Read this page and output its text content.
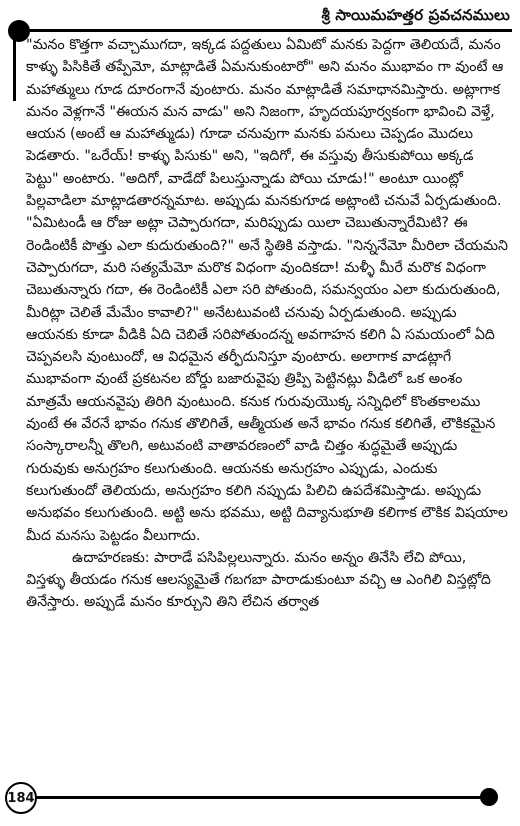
శ్రీ సాయిమహత్తర ప్రవచనములు

"మనం కొత్తగా వచ్చాముగదా, ఇక్కడ పద్దతులు ఏమిటో మనకు పెద్దగా తెలియదే, మనం కాళ్ళు పిసికితే తప్పేమో, మాట్లాడితే ఏమనుకుంటారో" అని మనం ముభావం గా వుంటే ఆ మహాత్ములు గూడ దూరంగానే వుంటారు. మనం మాట్లాడితే సమాధానమిస్తారు. అట్లాగాక మనం వెళ్లగానే "ఈయన మన వాడు" అని నిజంగా, హృదయపూర్వకంగా భావించి వెళ్తే, ఆయన (అంటే ఆ మహాత్ముడు) గూడా చనువుగా మనకు పనులు చెప్పడం మొదలు పెడతారు. "ఒరేయ్! కాళ్ళు పిసుకు" అని, "ఇదిగో, ఈ వస్తువు తీసుకుపోయి అక్కడ పెట్టు" అంటారు. "అదిగో, వాడేదో పిలుస్తున్నాడు పోయి చూడు!" అంటూ యింట్లో పిల్లవాడిలా మాట్లాడతారన్నమాట. అప్పుడు మనకుగూడ అట్లాంటి చనువే ఏర్పడుతుంది. "ఏమిటండీ ఆ రోజు అట్లా చెప్పారుగదా, మరిప్పుడు యిలా చెబుతున్నారేమిటి? ఈ రెండింటికీ పొత్తు ఎలా కుదురుతుంది?" అనే స్థితికి వస్తాడు. "నిన్ననేమో మీరిలా చేయమని చెప్పారుగదా, మరి సత్యమేమో మరొక విధంగా వుందికదా! మళ్ళీ మీరే మరొక విధంగా చెబుతున్నారు గదా, ఈ రెండింటికీ ఎలా సరి పోతుంది, సమన్వయం ఎలా కుదురుతుంది, మీరిట్లా చెలితే మేమేం కావాలి?" అనేటటువంటి చనువు ఏర్పడుతుంది. అప్పుడు ఆయనకు కూడా వీడికి ఏది చెబితే సరిపోతుందన్న అవగాహన కలిగి ఏ సమయంలో ఏది చెప్పవలసి వుంటుందో, ఆ విధమైన తర్ఫీదునిస్తూ వుంటారు. అలాగాక వాడట్లాగే ముభావంగా వుంటే ప్రకటనల బోర్డు బజారువైపు త్రిప్పి పెట్టినట్లు వీడిలో ఒక అంశం మాత్రమే ఆయనవైపు తిరిగి వుంటుంది. కనుక గురువుయొక్క సన్నిధిలో కొంతకాలము వుంటే ఈ వేరనే భావం గనుక తొలిగితే, ఆత్మీయత అనే భావం గనుక కలిగితే, లౌకికమైన సంస్కారాలన్నీ తొలగి, అటువంటి వాతావరణంలో వాడి చిత్తం శుద్ధమైతే అప్పుడు గురువుకు అనుగ్రహం కలుగుతుంది. ఆయనకు అనుగ్రహం ఎప్పుడు, ఎందుకు కలుగుతుందో తెలియదు, అనుగ్రహం కలిగి నప్పుడు పిలిచి ఉపదేశమిస్తాడు. అప్పుడు అనుభవం కలుగుతుంది. అట్టి అను భవము, అట్టి దివ్యానుభూతి కలిగాక లౌకిక విషయాల మీద మనసు పెట్టడం వీలుగాదు.

ఉదాహరణకు: పారాడే పసిపిల్లలున్నారు. మనం అన్నం తినేసి లేచి పోయి, విస్తళ్ళు తీయడం గనుక ఆలస్యమైతే గబగబా పారాడుకుంటూ వచ్చి ఆ ఎంగిలి విస్తట్లోది తినేస్తారు. అప్పుడే మనం కూర్చుని తిని లేచిన తర్వాత

184
